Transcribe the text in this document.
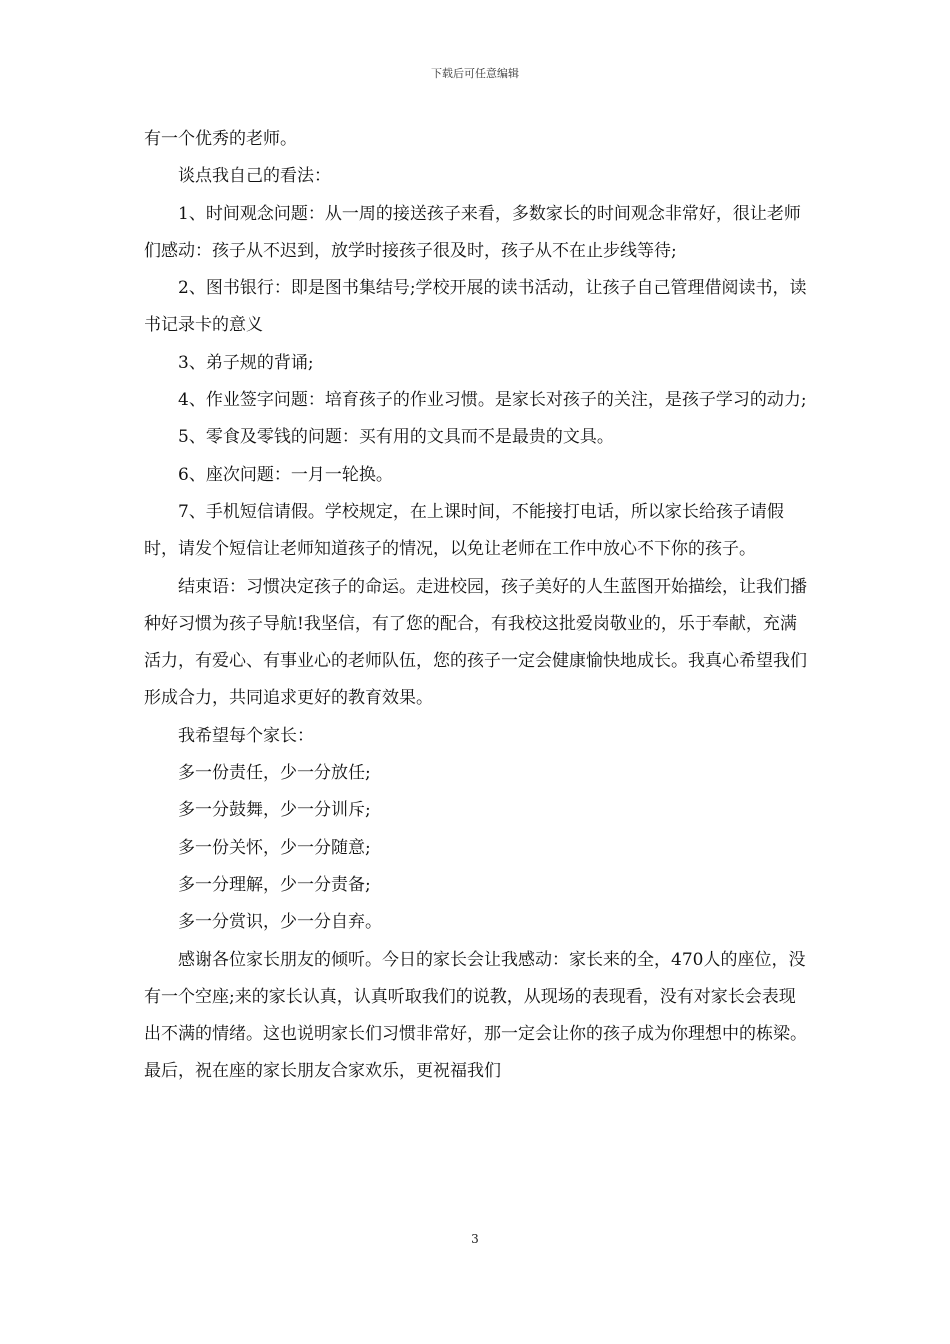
下载后可任意编辑

有一个优秀的老师。

谈点我自己的看法：

1、时间观念问题：从一周的接送孩子来看，多数家长的时间观念非常好，很让老师们感动：孩子从不迟到，放学时接孩子很及时，孩子从不在止步线等待;

2、图书银行：即是图书集结号;学校开展的读书活动，让孩子自己管理借阅读书，读书记录卡的意义

3、弟子规的背诵;

4、作业签字问题：培育孩子的作业习惯。是家长对孩子的关注，是孩子学习的动力;

5、零食及零钱的问题：买有用的文具而不是最贵的文具。

6、座次问题：一月一轮换。

7、手机短信请假。学校规定，在上课时间，不能接打电话，所以家长给孩子请假时，请发个短信让老师知道孩子的情况，以免让老师在工作中放心不下你的孩子。

结束语：习惯决定孩子的命运。走进校园，孩子美好的人生蓝图开始描绘，让我们播种好习惯为孩子导航!我坚信，有了您的配合，有我校这批爱岗敬业的，乐于奉献，充满活力，有爱心、有事业心的老师队伍，您的孩子一定会健康愉快地成长。我真心希望我们形成合力，共同追求更好的教育效果。

我希望每个家长：

多一份责任，少一分放任;

多一分鼓舞，少一分训斥;

多一份关怀，少一分随意;

多一分理解，少一分责备;

多一分赏识，少一分自弃。

感谢各位家长朋友的倾听。今日的家长会让我感动：家长来的全，470人的座位，没有一个空座;来的家长认真，认真听取我们的说教，从现场的表现看，没有对家长会表现出不满的情绪。这也说明家长们习惯非常好，那一定会让你的孩子成为你理想中的栋梁。最后，祝在座的家长朋友合家欢乐，更祝福我们

3
